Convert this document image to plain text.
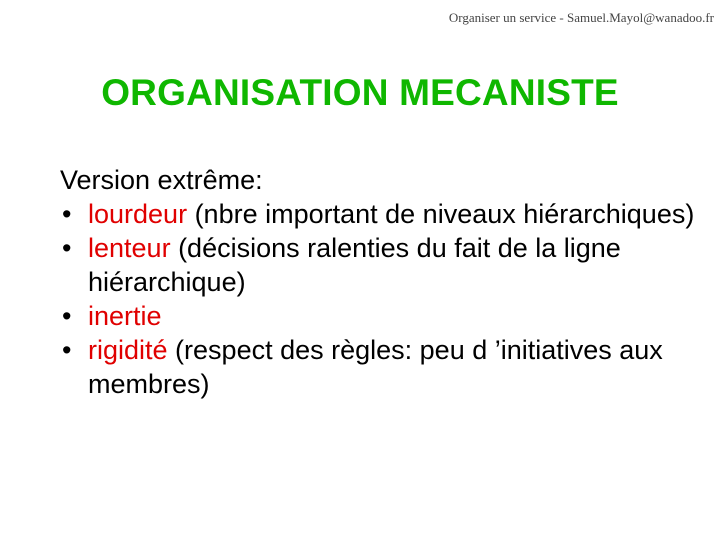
Organiser un service - Samuel.Mayol@wanadoo.fr
ORGANISATION MECANISTE

Version extrême:

• lourdeur (nbre important de niveaux hiérarchiques)
• lenteur (décisions ralenties du fait de la ligne hiérarchique)
• inertie
• rigidité (respect des règles: peu d ’initiatives aux membres)
